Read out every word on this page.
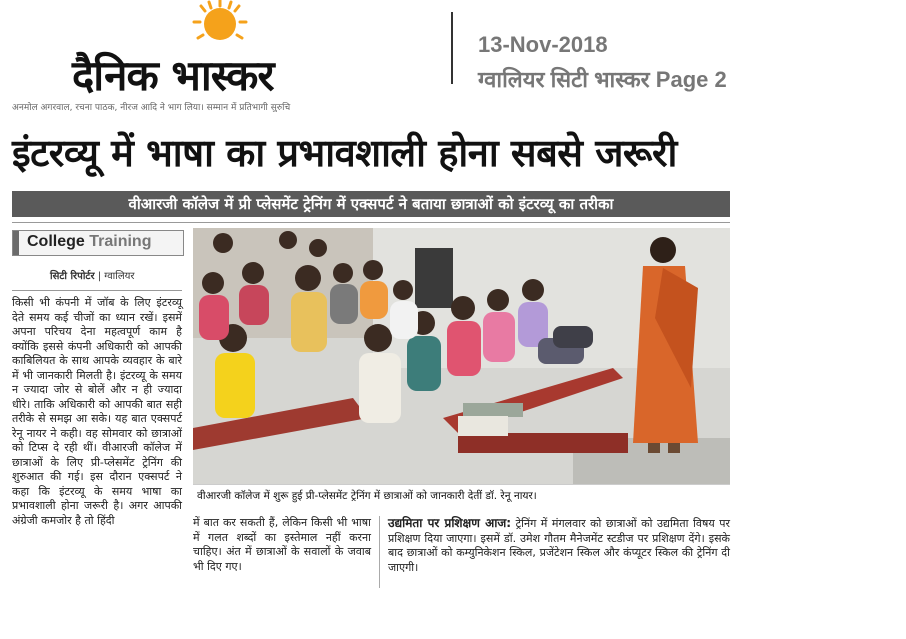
दैनिक भास्कर
13-Nov-2018
ग्वालियर सिटी भास्कर Page 2
अनमोल अगरवाल, रचना पाठक, नीरज आदि ने भाग लिया। सम्मान में प्रतिभागी सुरुचि
इंटरव्यू में भाषा का प्रभावशाली होना सबसे जरूरी
वीआरजी कॉलेज में प्री प्लेसमेंट ट्रेनिंग में एक्सपर्ट ने बताया छात्राओं को इंटरव्यू का तरीका
College Training
सिटी रिपोर्टर | ग्वालियर
किसी भी कंपनी में जॉब के लिए इंटरव्यू देते समय कई चीजों का ध्यान रखें। इसमें अपना परिचय देना महत्वपूर्ण काम है क्योंकि इससे कंपनी अधिकारी को आपकी काबिलियत के साथ आपके व्यवहार के बारे में भी जानकारी मिलती है। इंटरव्यू के समय न ज्यादा जोर से बोलें और न ही ज्यादा धीरे। ताकि अधिकारी को आपकी बात सही तरीके से समझ आ सके। यह बात एक्सपर्ट रेनू नायर ने कही। वह सोमवार को छात्राओं को टिप्स दे रही थीं। वीआरजी कॉलेज में छात्राओं के लिए प्री-प्लेसमेंट ट्रेनिंग की शुरुआत की गई। इस दौरान एक्सपर्ट ने कहा कि इंटरव्यू के समय भाषा का प्रभावशाली होना जरूरी है। अगर आपकी अंग्रेजी कमजोर है तो हिंदी
वीआरजी कॉलेज में शुरू हुई प्री-प्लेसमेंट ट्रेनिंग में छात्राओं को जानकारी देतीं डॉ. रेनू नायर।
में बात कर सकती हैं, लेकिन किसी भी भाषा में गलत शब्दों का इस्तेमाल नहीं करना चाहिए। अंत में छात्राओं के सवालों के जवाब भी दिए गए।
उद्यमिता पर प्रशिक्षण आज: ट्रेनिंग में मंगलवार को छात्राओं को उद्यमिता विषय पर प्रशिक्षण दिया जाएगा। इसमें डॉ. उमेश गौतम मैनेजमेंट स्टडीज पर प्रशिक्षण देंगे। इसके बाद छात्राओं को कम्युनिकेशन स्किल, प्रजेंटेशन स्किल और कंप्यूटर स्किल की ट्रेनिंग दी जाएगी।
